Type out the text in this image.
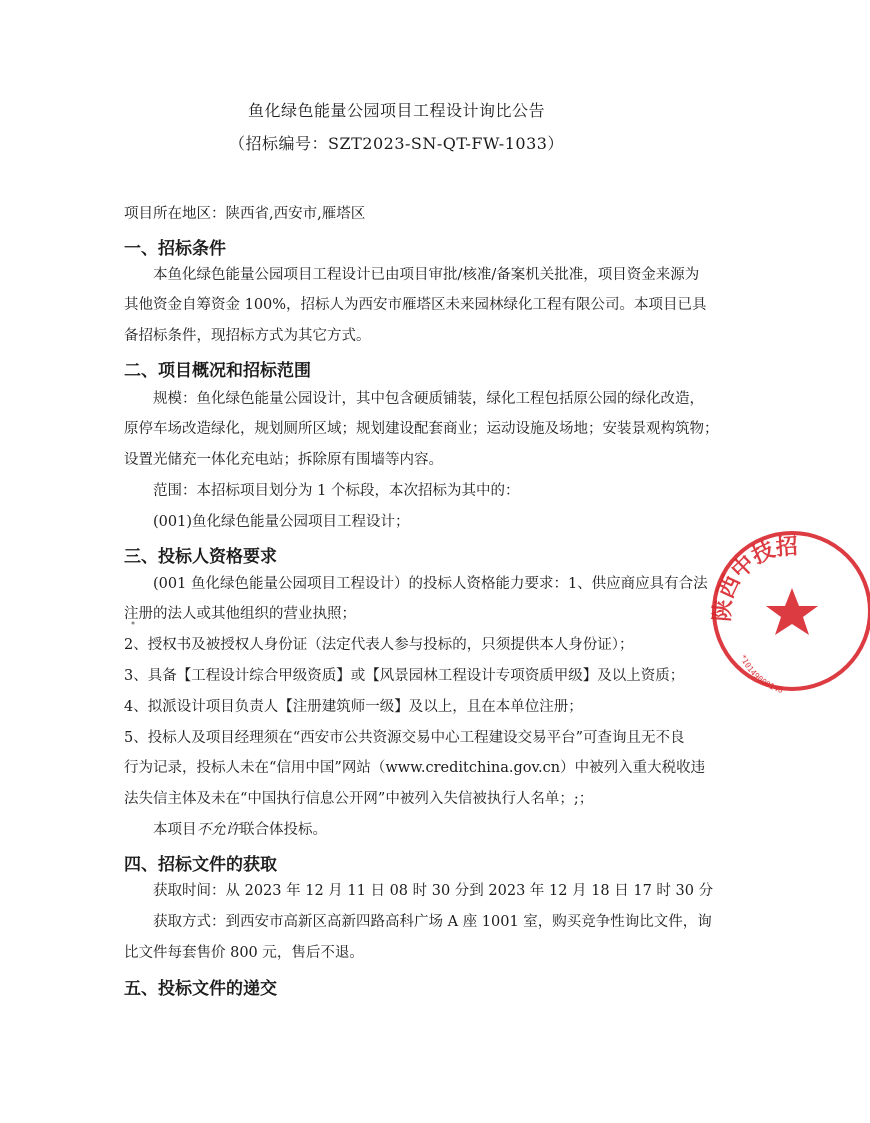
鱼化绿色能量公园项目工程设计询比公告
（招标编号：SZT2023-SN-QT-FW-1033）
项目所在地区：陕西省,西安市,雁塔区
一、招标条件
本鱼化绿色能量公园项目工程设计已由项目审批/核准/备案机关批准，项目资金来源为
其他资金自筹资金 100%，招标人为西安市雁塔区未来园林绿化工程有限公司。本项目已具
备招标条件，现招标方式为其它方式。
二、项目概况和招标范围
规模：鱼化绿色能量公园设计，其中包含硬质铺装，绿化工程包括原公园的绿化改造，
原停车场改造绿化，规划厕所区域；规划建设配套商业；运动设施及场地；安装景观构筑物；
设置光储充一体化充电站；拆除原有围墙等内容。
范围：本招标项目划分为 1 个标段，本次招标为其中的：
(001)鱼化绿色能量公园项目工程设计；
三、投标人资格要求
(001 鱼化绿色能量公园项目工程设计）的投标人资格能力要求：1、供应商应具有合法
注册的法人或其他组织的营业执照；
2、授权书及被授权人身份证（法定代表人参与投标的，只须提供本人身份证）；
3、具备【工程设计综合甲级资质】或【风景园林工程设计专项资质甲级】及以上资质；
4、拟派设计项目负责人【注册建筑师一级】及以上，且在本单位注册；
5、投标人及项目经理须在“西安市公共资源交易中心工程建设交易平台”可查询且无不良
行为记录，投标人未在“信用中国”网站（www.creditchina.gov.cn）中被列入重大税收违
法失信主体及未在“中国执行信息公开网”中被列入失信被执行人名单；;；
本项目不允许联合体投标。
四、招标文件的获取
获取时间：从 2023 年 12 月 11 日 08 时 30 分到 2023 年 12 月 18 日 17 时 30 分
获取方式：到西安市高新区高新四路高科广场 A 座 1001 室，购买竞争性询比文件，询
比文件每套售价 800 元，售后不退。
五、投标文件的递交
陕西中技招
*10149000146
